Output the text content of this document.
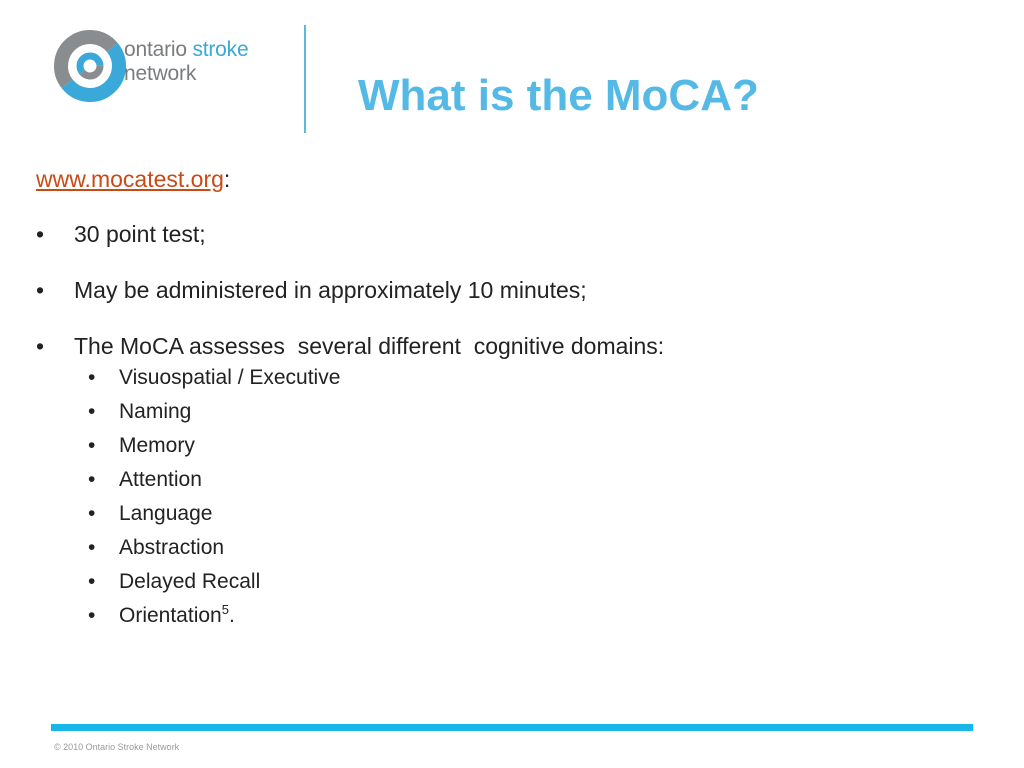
ontario stroke
network	What is the MoCA?

www.mocatest.org:

•	30 point test;
•	May be administered in approximately 10 minutes;
•	The MoCA assesses  several different  cognitive domains:
•	Visuospatial / Executive
•	Naming
•	Memory
•	Attention
•	Language
•	Abstraction
•	Delayed Recall
•	Orientation$^5$.
© 2010 Ontario Stroke Network
